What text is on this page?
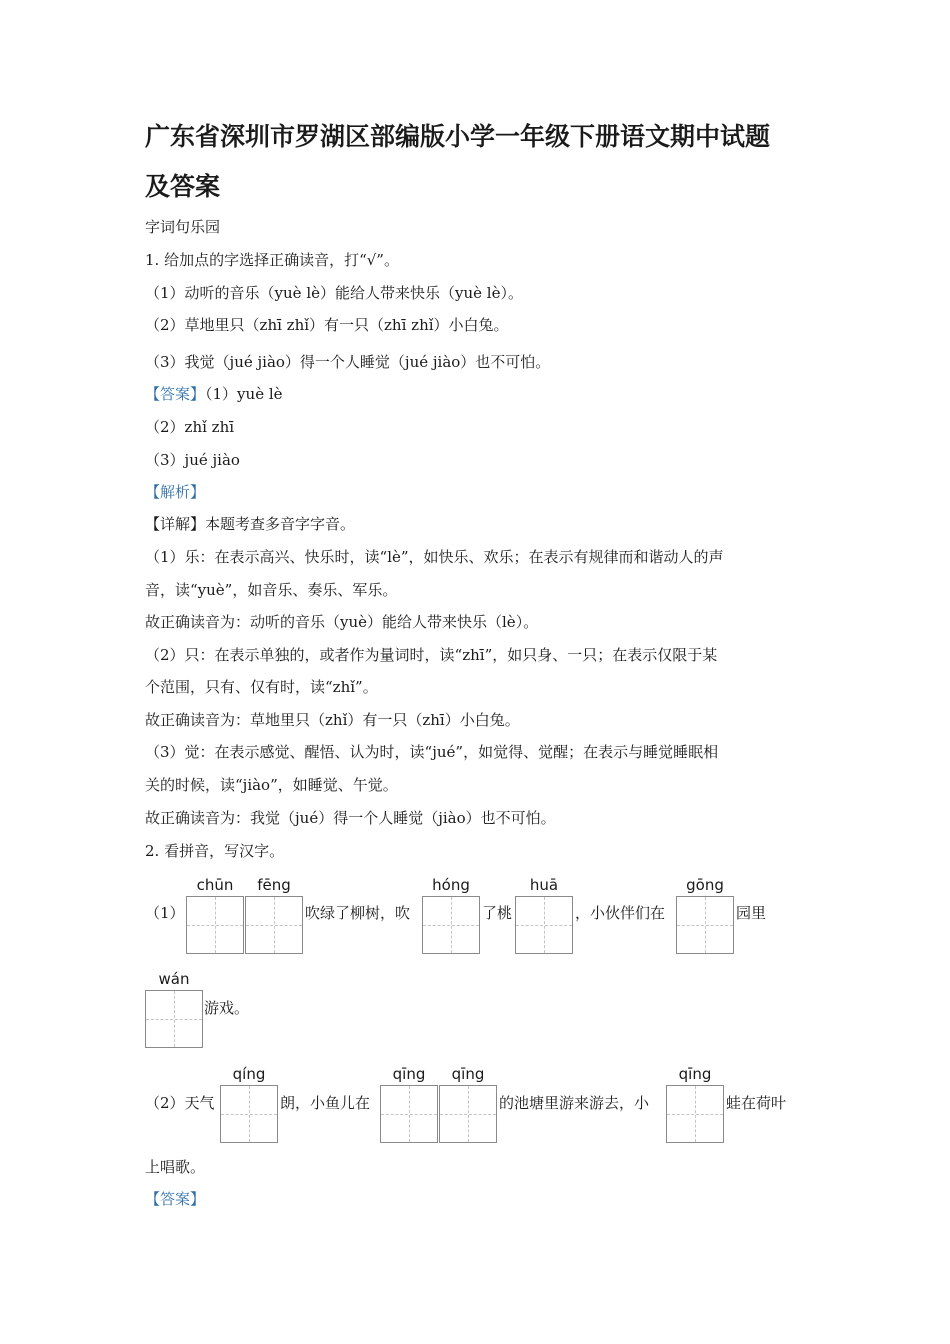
广东省深圳市罗湖区部编版小学一年级下册语文期中试题
及答案
字词句乐园
1. 给加点的字选择正确读音，打“√”。
（1）动听的音乐（yuè lè）能给人带来快乐（yuè lè）。
（2）草地里只（zhī zhǐ）有一只（zhī zhǐ）小白兔。
（3）我觉（jué jiào）得一个人睡觉（jué jiào）也不可怕。
【答案】（1）yuè lè
（2）zhǐ zhī
（3）jué jiào
【解析】
【详解】本题考查多音字字音。
（1）乐：在表示高兴、快乐时，读“lè”，如快乐、欢乐；在表示有规律而和谐动人的声
音，读“yuè”，如音乐、奏乐、军乐。
故正确读音为：动听的音乐（yuè）能给人带来快乐（lè）。
（2）只：在表示单独的，或者作为量词时，读“zhī”，如只身、一只；在表示仅限于某
个范围，只有、仅有时，读“zhǐ”。
故正确读音为：草地里只（zhǐ）有一只（zhī）小白兔。
（3）觉：在表示感觉、醒悟、认为时，读“jué”，如觉得、觉醒；在表示与睡觉睡眠相
关的时候，读“jiào”，如睡觉、午觉。
故正确读音为：我觉（jué）得一个人睡觉（jiào）也不可怕。
2. 看拼音，写汉字。
（1）
chūn	fēng
吹绿了柳树，吹
hóng
了桃
huā
，小伙伴们在
gōng
园里
wán
游戏。
（2）天气
qíng
朗，小鱼儿在
qīng	qīng
的池塘里游来游去，小
qīng
蛙在荷叶
上唱歌。
【答案】
